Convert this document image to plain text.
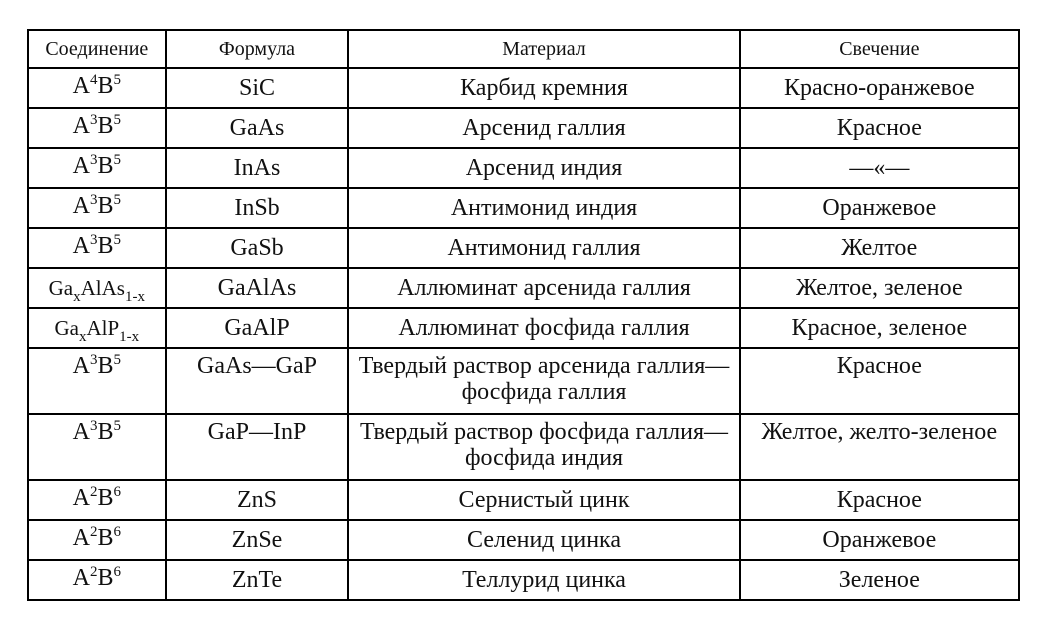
Соединение	Формула	Материал	Свечение
$A^4B^5$	SiC	Карбид кремния	Красно-оранжевое
$A^3B^5$	GaAs	Арсенид галлия	Красное
$A^3B^5$	InAs	Арсенид индия	—«—
$A^3B^5$	InSb	Антимонид индия	Оранжевое
$A^3B^5$	GaSb	Антимонид галлия	Желтое
$Ga_xAlAs_{1-x}$	GaAlAs	Аллюминат арсенида галлия	Желтое, зеленое
$Ga_xAlP_{1-x}$	GaAlP	Аллюминат фосфида галлия	Красное, зеленое
$A^3B^5$	GaAs—GaP	Твердый раствор арсенида галлия—фосфида галлия	Красное
$A^3B^5$	GaP—InP	Твердый раствор фосфида галлия—фосфида индия	Желтое, желто-зеленое
$A^2B^6$	ZnS	Сернистый цинк	Красное
$A^2B^6$	ZnSe	Селенид цинка	Оранжевое
$A^2B^6$	ZnTe	Теллурид цинка	Зеленое
